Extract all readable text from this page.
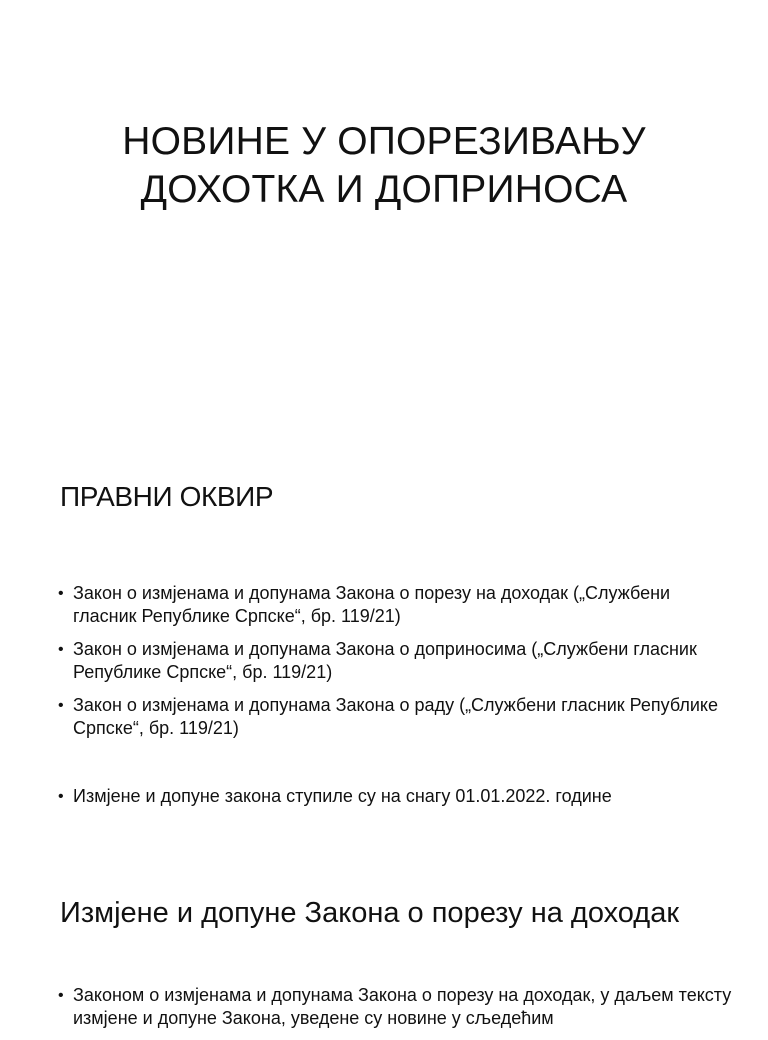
НОВИНЕ У ОПОРЕЗИВАЊУ
ДОХОТКА И ДОПРИНОСА
ПРАВНИ ОКВИР
• Закон о измјенама и допунама Закона о порезу на доходак („Службени гласник Републике Српске“, бр. 119/21)
• Закон о измјенама и допунама Закона о доприносима („Службени гласник Републике Српске“, бр. 119/21)
• Закон о измјенама и допунама Закона о раду („Службени гласник Републике Српске“, бр. 119/21)
• Измјене и допуне закона ступиле су на снагу 01.01.2022. године
Измјене и допуне Закона о порезу на доходак
• Законом о измјенама и допунама Закона о порезу на доходак, у даљем тексту измјене и допуне Закона, уведене су новине у сљедећим
